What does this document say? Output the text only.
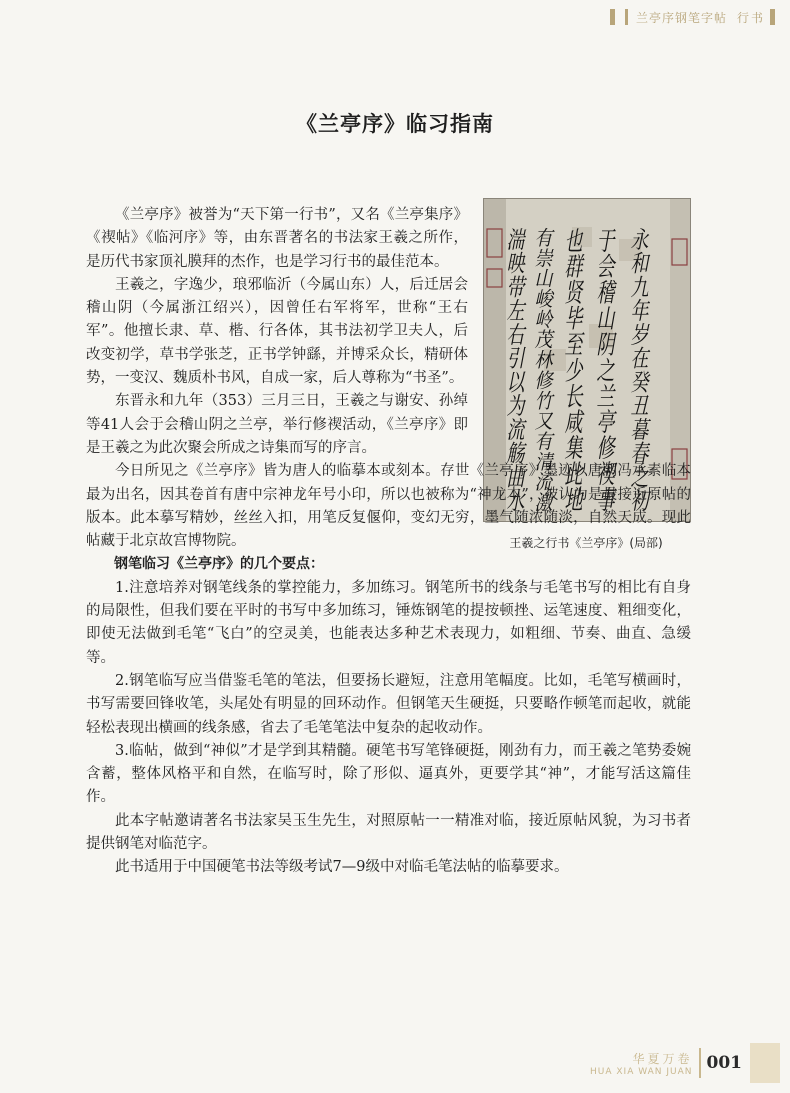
兰亭序钢笔字帖 行书
《兰亭序》临习指南
永和九年岁在癸丑暮春之初
于会稽山阴之兰亭修禊事
也群贤毕至少长咸集此地
有崇山峻岭茂林修竹又有清流激
湍映带左右引以为流觞曲水
王羲之行书《兰亭序》(局部)

《兰亭序》被誉为“天下第一行书”，又名《兰亭集序》《禊帖》《临河序》等，由东晋著名的书法家王羲之所作，是历代书家顶礼膜拜的杰作，也是学习行书的最佳范本。

王羲之，字逸少，琅邪临沂（今属山东）人，后迁居会稽山阴（今属浙江绍兴），因曾任右军将军，世称“王右军”。他擅长隶、草、楷、行各体，其书法初学卫夫人，后改变初学，草书学张芝，正书学钟繇，并博采众长，精研体势，一变汉、魏质朴书风，自成一家，后人尊称为“书圣”。

东晋永和九年（353）三月三日，王羲之与谢安、孙绰等41人会于会稽山阴之兰亭，举行修禊活动，《兰亭序》即是王羲之为此次聚会所成之诗集而写的序言。

今日所见之《兰亭序》皆为唐人的临摹本或刻本。存世《兰亭序》墨迹以唐朝冯承素临本最为出名，因其卷首有唐中宗神龙年号小印，所以也被称为“神龙本”，被认为是最接近原帖的版本。此本摹写精妙，丝丝入扣，用笔反复偃仰，变幻无穷，墨气随浓随淡，自然天成。现此帖藏于北京故宫博物院。

钢笔临习《兰亭序》的几个要点：

1.注意培养对钢笔线条的掌控能力，多加练习。钢笔所书的线条与毛笔书写的相比有自身的局限性，但我们要在平时的书写中多加练习，锤炼钢笔的提按顿挫、运笔速度、粗细变化，即使无法做到毛笔“飞白”的空灵美，也能表达多种艺术表现力，如粗细、节奏、曲直、急缓等。

2.钢笔临写应当借鉴毛笔的笔法，但要扬长避短，注意用笔幅度。比如，毛笔写横画时，书写需要回锋收笔，头尾处有明显的回环动作。但钢笔天生硬挺，只要略作顿笔而起收，就能轻松表现出横画的线条感，省去了毛笔笔法中复杂的起收动作。

3.临帖，做到“神似”才是学到其精髓。硬笔书写笔锋硬挺，刚劲有力，而王羲之笔势委婉含蓄，整体风格平和自然，在临写时，除了形似、逼真外，更要学其“神”，才能写活这篇佳作。

此本字帖邀请著名书法家吴玉生先生，对照原帖一一精准对临，接近原帖风貌，为习书者提供钢笔对临范字。

此书适用于中国硬笔书法等级考试7—9级中对临毛笔法帖的临摹要求。

华夏万卷
HUA XIA WAN JUAN 001
